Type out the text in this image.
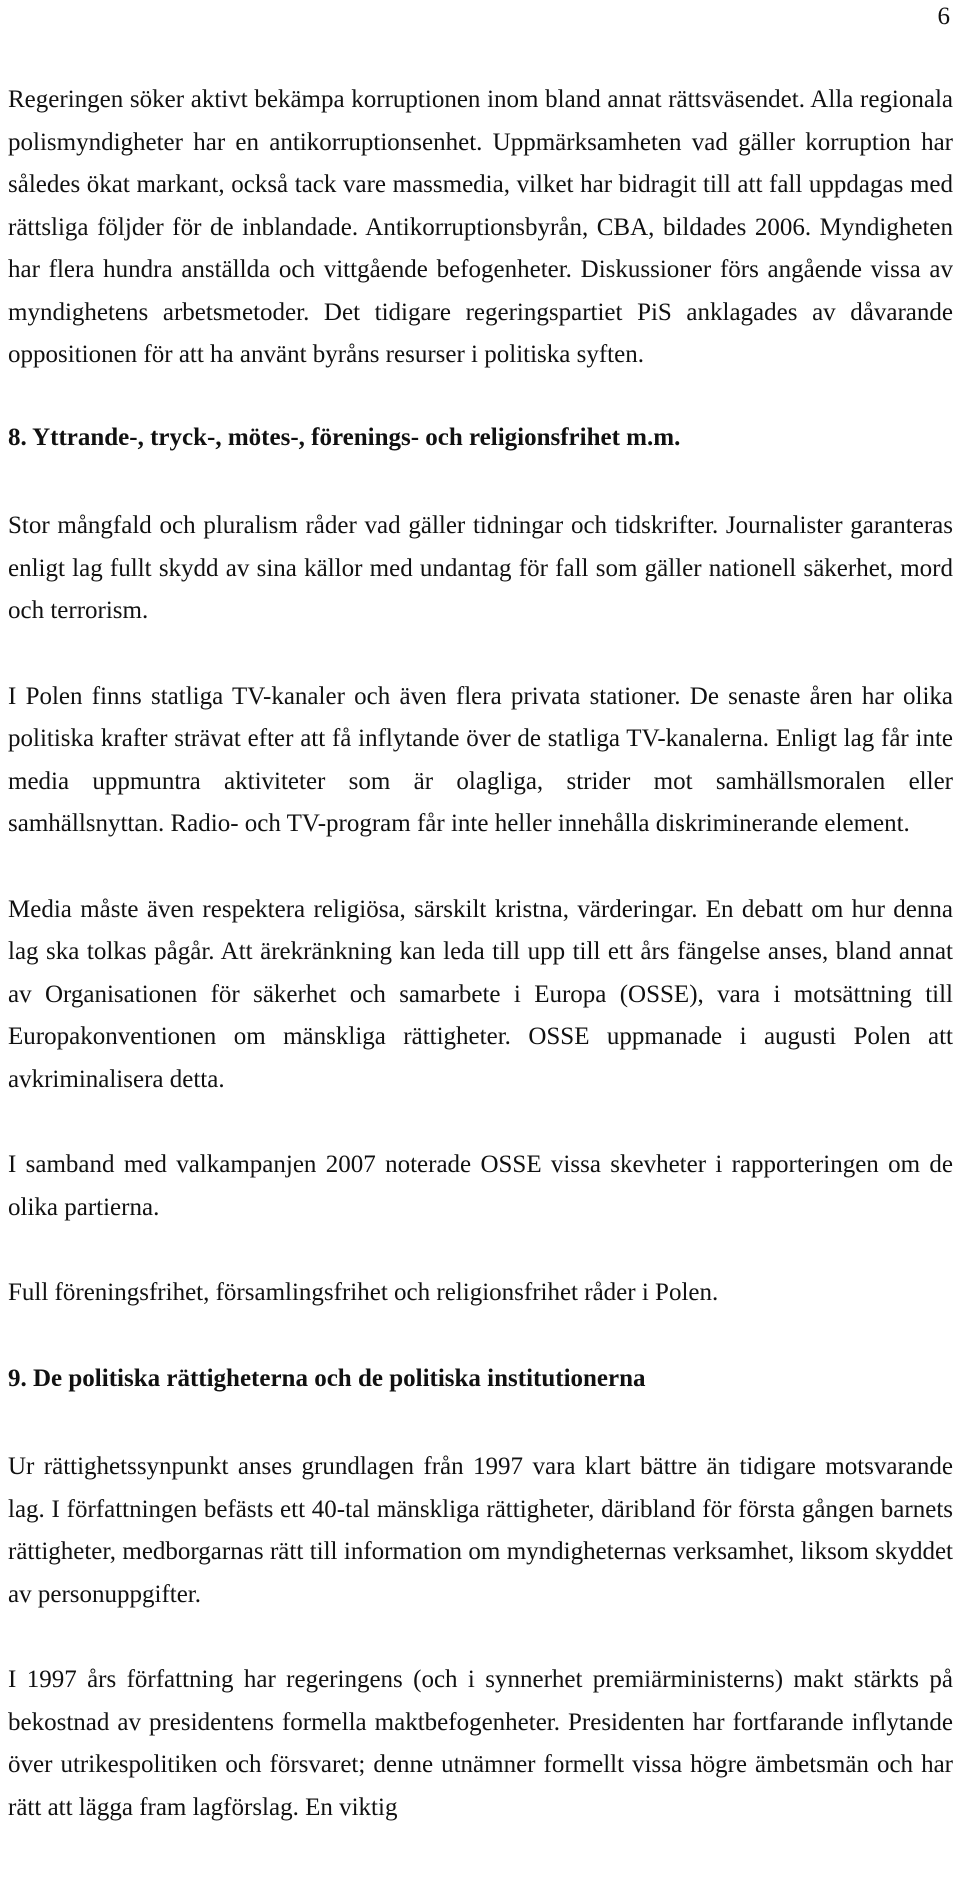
6

Regeringen söker aktivt bekämpa korruptionen inom bland annat rättsväsendet. Alla regionala polismyndigheter har en antikorruptionsenhet. Uppmärksamheten vad gäller korruption har således ökat markant, också tack vare massmedia, vilket har bidragit till att fall uppdagas med rättsliga följder för de inblandade. Antikorruptionsbyrån, CBA, bildades 2006. Myndigheten har flera hundra anställda och vittgående befogenheter. Diskussioner förs angående vissa av myndighetens arbetsmetoder. Det tidigare regeringspartiet PiS anklagades av dåvarande oppositionen för att ha använt byråns resurser i politiska syften.

8. Yttrande-, tryck-, mötes-, förenings- och religionsfrihet m.m.

Stor mångfald och pluralism råder vad gäller tidningar och tidskrifter. Journalister garanteras enligt lag fullt skydd av sina källor med undantag för fall som gäller nationell säkerhet, mord och terrorism.

I Polen finns statliga TV-kanaler och även flera privata stationer. De senaste åren har olika politiska krafter strävat efter att få inflytande över de statliga TV-kanalerna. Enligt lag får inte media uppmuntra aktiviteter som är olagliga, strider mot samhällsmoralen eller samhällsnyttan. Radio- och TV-program får inte heller innehålla diskriminerande element.

Media måste även respektera religiösa, särskilt kristna, värderingar. En debatt om hur denna lag ska tolkas pågår. Att ärekränkning kan leda till upp till ett års fängelse anses, bland annat av Organisationen för säkerhet och samarbete i Europa (OSSE), vara i motsättning till Europakonventionen om mänskliga rättigheter. OSSE uppmanade i augusti Polen att avkriminalisera detta.

I samband med valkampanjen 2007 noterade OSSE vissa skevheter i rapporteringen om de olika partierna.

Full föreningsfrihet, församlingsfrihet och religionsfrihet råder i Polen.

9. De politiska rättigheterna och de politiska institutionerna

Ur rättighetssynpunkt anses grundlagen från 1997 vara klart bättre än tidigare motsvarande lag. I författningen befästs ett 40-tal mänskliga rättigheter, däribland för första gången barnets rättigheter, medborgarnas rätt till information om myndigheternas verksamhet, liksom skyddet av personuppgifter.

I 1997 års författning har regeringens (och i synnerhet premiärministerns) makt stärkts på bekostnad av presidentens formella maktbefogenheter. Presidenten har fortfarande inflytande över utrikespolitiken och försvaret; denne utnämner formellt vissa högre ämbetsmän och har rätt att lägga fram lagförslag. En viktig
